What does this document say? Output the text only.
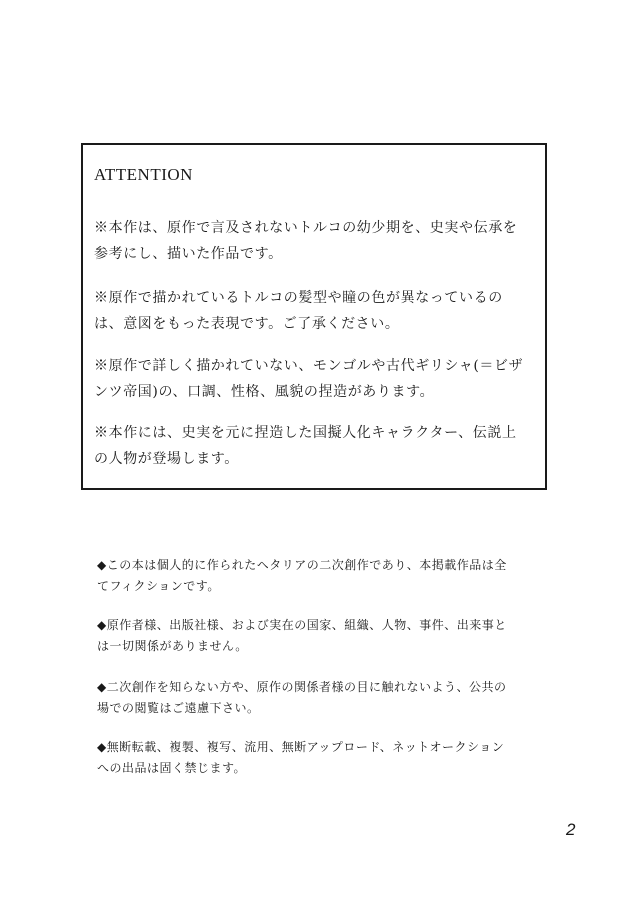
ATTENTION

※本作は、原作で言及されないトルコの幼少期を、史実や伝承を
参考にし、描いた作品です。

※原作で描かれているトルコの髪型や瞳の色が異なっているの
は、意図をもった表現です。ご了承ください。

※原作で詳しく描かれていない、モンゴルや古代ギリシャ(＝ビザ
ンツ帝国)の、口調、性格、風貌の捏造があります。

※本作には、史実を元に捏造した国擬人化キャラクター、伝説上
の人物が登場します。

◆この本は個人的に作られたヘタリアの二次創作であり、本掲載作品は全
てフィクションです。

◆原作者様、出版社様、および実在の国家、組織、人物、事件、出来事と
は一切関係がありません。

◆二次創作を知らない方や、原作の関係者様の目に触れないよう、公共の
場での閲覧はご遠慮下さい。

◆無断転載、複製、複写、流用、無断アップロード、ネットオークション
への出品は固く禁じます。

2
